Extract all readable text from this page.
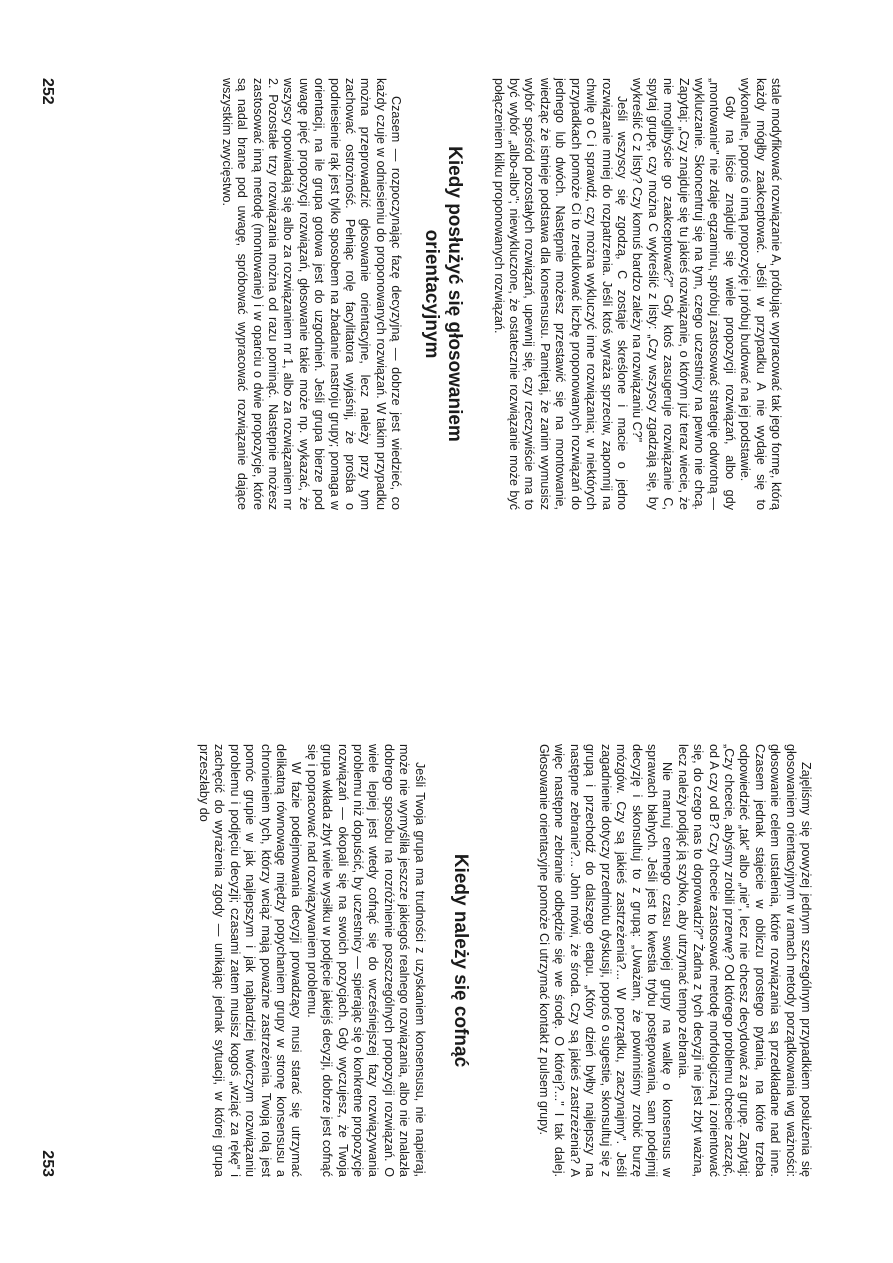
stale modyfikować rozwiązanie A, próbując wypracować tak jego formę, którą każdy mógłby zaakceptować. Jeśli w przypadku A nie wydaje się to wykonalne, poproś o inną propozycję i próbuj budować na jej podstawie.

Gdy na liście znajduje się wiele propozycji rozwiązań, albo gdy „montowanie" nie zdaje egzaminu, spróbuj zastosować strategię odwrotną — wykluczanie. Skoncentruj się na tym, czego uczestnicy na pewno nie chcą. Zapytaj: „Czy znajduje się tu jakieś rozwiązanie, o którym już teraz wiecie, że nie moglibyście go zaakceptować?" Gdy ktoś zasugeruje rozwiązanie C, spytaj grupę, czy można C wykreślić z listy: „Czy wszyscy zgadzają się, by wykreślić C z listy? Czy komuś bardzo zależy na rozwiązaniu C?"

Jeśli wszyscy się zgodzą, C zostaje skreślone i macie o jedno rozwiązanie mniej do rozpatrzenia. Jeśli ktoś wyraża sprzeciw, zapomnij na chwilę o C i sprawdź, czy można wykluczyć inne rozwiązania; w niektórych przypadkach pomoże Ci to zredukować liczbę proponowanych rozwiązań do jednego lub dwóch. Następnie możesz przestawić się na montowanie, wiedząc że istnieje podstawa dla konsensusu. Pamiętaj, że zanim wymusisz wybór spośród pozostałych rozwiązań, upewnij się, czy rzeczywiście ma to być wybór „albo-albo"; niewykluczone, że ostatecznie rozwiązanie może być połączeniem kilku proponowanych rozwiązań.

Kiedy posłużyć się głosowaniem orientacyjnym

Czasem — rozpoczynając fazę decyzyjną — dobrze jest wiedzieć, co każdy czuje w odniesieniu do proponowanych rozwiązań. W takim przypadku można przeprowadzić głosowanie orientacyjne, lecz należy przy tym zachować ostrożność. Pełniąc rolę facylitatora wyjaśnij, że prośba o podniesienie rąk jest tylko sposobem na zbadanie nastroju grupy; pomaga w orientacji, na ile grupa gotowa jest do uzgodnień. Jeśli grupa bierze pod uwagę pięć propozycji rozwiązań, głosowanie takie może np. wykazać, że wszyscy opowiadają się albo za rozwiązaniem nr 1, albo za rozwiązaniem nr 2. Pozostałe trzy rozwiązania można od razu pominąć. Następnie możesz zastosować inną metodę (montowanie) i w oparciu o dwie propozycje, które są nadal brane pod uwagę, spróbować wypracować rozwiązanie dające wszystkim zwycięstwo.

252

Zajęliśmy się powyżej jednym szczególnym przypadkiem posłużenia się głosowaniem orientacyjnym w ramach metody porządkowania wg ważności: głosowanie celem ustalenia, które rozwiązania są przedkładane nad inne. Czasem jednak stajecie w obliczu prostego pytania, na które trzeba odpowiedzieć „tak" albo „nie", lecz nie chcesz decydować za grupę. Zapytaj: „Czy chcecie, abyśmy zrobili przerwę? Od którego problemu chcecie zacząć, od A czy od B? Czy chcecie zastosować metodę morfologiczną i zorientować się, do czego nas to doprowadzi?" Żadna z tych decyzji nie jest zbyt ważna, lecz należy podjąć ją szybko, aby utrzymać tempo zebrania.

Nie marnuj cennego czasu swojej grupy na walkę o konsensus w sprawach błahych. Jeśli jest to kwestia trybu postępowania, sam podejmij decyzję i skonsultuj to z grupą: „Uważam, że powinniśmy zrobić burzę mózgów. Czy są jakieś zastrzeżenia?... W porządku, zaczynajmy". Jeśli zagadnienie dotyczy przedmiotu dyskusji, poproś o sugestie, skonsultuj się z grupą i przechodź do dalszego etapu. „Który dzień byłby najlepszy na następne zebranie?... John mówi, że środa. Czy są jakieś zastrzeżenia? A więc następne zebranie odbędzie się we środę. O której?..." I tak dalej. Głosowanie orientacyjne pomoże Ci utrzymać kontakt z pulsem grupy.

Kiedy należy się cofnąć

Jeśli Twoja grupa ma trudności z uzyskaniem konsensusu, nie napieraj, może nie wymyśliła jeszcze jakiegoś realnego rozwiązania, albo nie znalazła dobrego sposobu na rozróżnienie poszczególnych propozycji rozwiązań. O wiele lepiej jest wtedy cofnąć się do wcześniejszej fazy rozwiązywania problemu niż dopuścić, by uczestnicy — spierając się o konkretne propozycje rozwiązań — okopali się na swoich pozycjach. Gdy wyczujesz, że Twoja grupa wkłada zbyt wiele wysiłku w podjęcie jakiejś decyzji, dobrze jest cofnąć się i popracować nad rozwiązywaniem problemu.

W fazie podejmowania decyzji prowadzący musi starać się utrzymać delikatną równowagę między popychaniem grupy w stronę konsensusu a chronieniem tych, którzy wciąż mają poważne zastrzeżenia. Twoją rolą jest pomóc grupie w jak najlepszym i jak najbardziej twórczym rozwiązaniu problemu i podjęciu decyzji; czasami zatem musisz kogoś „wziąć za rękę" i zachęcić do wyrażenia zgody — unikając jednak sytuacji, w której grupa przeszłaby do

253
